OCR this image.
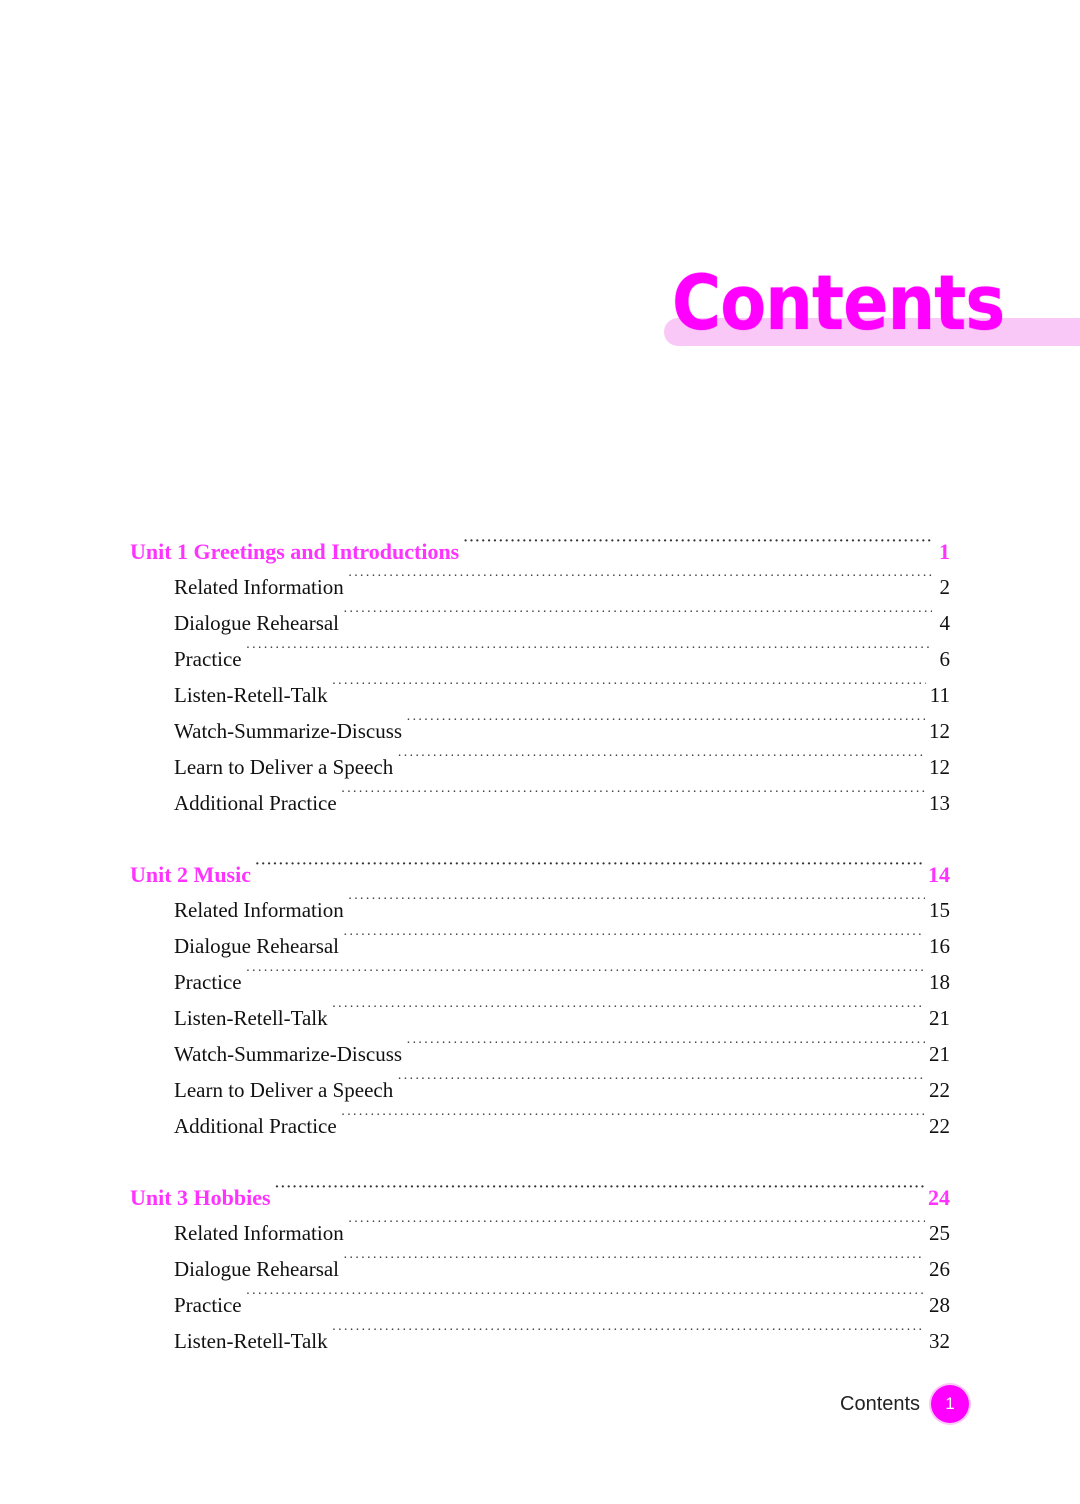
Contents
Unit 1 Greetings and Introductions ·····	1
Related Information ·····	2
Dialogue Rehearsal ·····	4
Practice ·····	6
Listen-Retell-Talk ·····	11
Watch-Summarize-Discuss ·····	12
Learn to Deliver a Speech ·····	12
Additional Practice ·····	13
Unit 2 Music ·····	14
Related Information ·····	15
Dialogue Rehearsal ·····	16
Practice ·····	18
Listen-Retell-Talk ·····	21
Watch-Summarize-Discuss ·····	21
Learn to Deliver a Speech ·····	22
Additional Practice ·····	22
Unit 3 Hobbies ·····	24
Related Information ·····	25
Dialogue Rehearsal ·····	26
Practice ·····	28
Listen-Retell-Talk ·····	32
Contents	1
